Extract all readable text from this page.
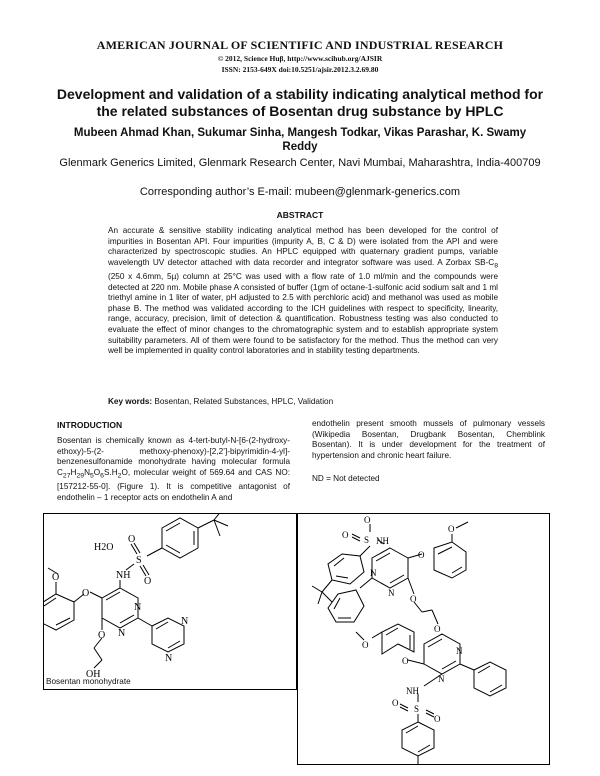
AMERICAN JOURNAL OF SCIENTIFIC AND INDUSTRIAL RESEARCH
© 2012, Science Huβ, http://www.scihub.org/AJSIR
ISSN: 2153-649X doi:10.5251/ajsir.2012.3.2.69.80
Development and validation of a stability indicating analytical method for the related substances of Bosentan drug substance by HPLC
Mubeen Ahmad Khan, Sukumar Sinha, Mangesh Todkar, Vikas Parashar, K. Swamy Reddy
Glenmark Generics Limited, Glenmark Research Center, Navi Mumbai, Maharashtra, India-400709
Corresponding author’s E-mail: mubeen@glenmark-generics.com
ABSTRACT

An accurate & sensitive stability indicating analytical method has been developed for the control of impurities in Bosentan API. Four impurities (impurity A, B, C & D) were isolated from the API and were characterized by spectroscopic studies. An HPLC equipped with quaternary gradient pumps, variable wavelength UV detector attached with data recorder and integrator software was used. A Zorbax $SB-C_8$ (250 x 4.6mm, 5µ) column at 25°C was used with a flow rate of 1.0 ml/min and the compounds were detected at 220 nm. Mobile phase A consisted of buffer (1gm of octane-1-sulfonic acid sodium salt and 1 ml triethyl amine in 1 liter of water, pH adjusted to 2.5 with perchloric acid) and methanol was used as mobile phase B. The method was validated according to the ICH guidelines with respect to specificity, linearity, range, accuracy, precision, limit of detection & quantification. Robustness testing was also conducted to evaluate the effect of minor changes to the chromatographic system and to establish appropriate system suitability parameters. All of them were found to be satisfactory for the method. Thus the method can very well be implemented in quality control laboratories and in stability testing departments.

Key words: Bosentan, Related Substances, HPLC, Validation
INTRODUCTION

Bosentan is chemically known as 4-tert-butyl-N-[6-(2-hydroxy-ethoxy)-5-(2- methoxy-phenoxy)-[2,2’]-bipyrimidin-4-yl]- benzenesulfonamide monohydrate having molecular formula $C_{27}H_{29}N_5O_6S.H_2O$, molecular weight of 569.64 and CAS NO: [157212-55-0]. (Figure 1). It is competitive antagonist of endothelin – 1 receptor acts on endothelin A and

endothelin present smooth mussels of pulmonary vessels (Wikipedia Bosentan, Drugbank Bosentan, Chemblink Bosentan). It is under development for the treatment of hypertension and chronic heart failure.

ND = Not detected
H2O
S
O
O
NH
N
N
N
N
O
O
O
OH
Bosentan monohydrate
S
O
O
NH
N
N
O
O
O
O
N
N
O
O
NH
S
O
O
